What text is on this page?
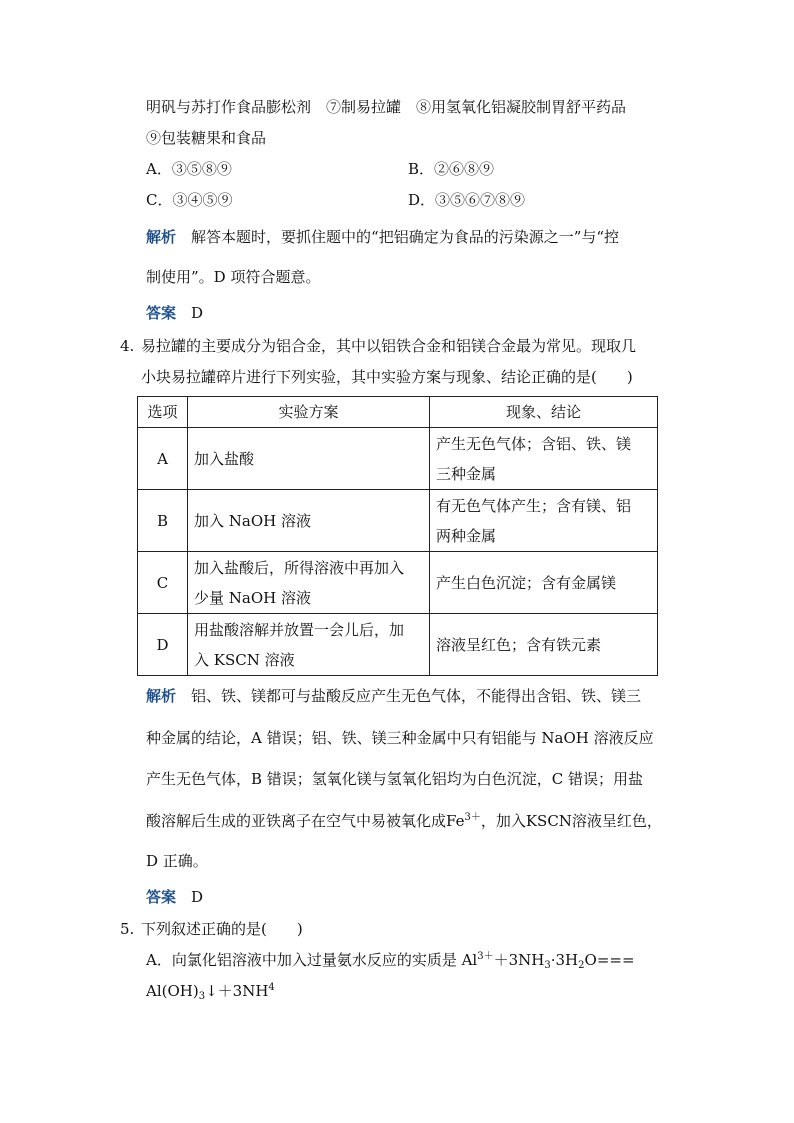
明矾与苏打作食品膨松剂　⑦制易拉罐　⑧用氢氧化铝凝胶制胃舒平药品
⑨包装糖果和食品
A．③⑤⑧⑨	B．②⑥⑧⑨
C．③④⑤⑨	D．③⑤⑥⑦⑧⑨
解析　 解答本题时，要抓住题中的“把铝确定为食品的污染源之一”与“控
制使用”。D 项符合题意。
答案　 D
4. 易拉罐的主要成分为铝合金，其中以铝铁合金和铝镁合金最为常见。现取几
小块易拉罐碎片进行下列实验，其中实验方案与现象、结论正确的是(　　)
选项	实验方案	现象、结论
A	加入盐酸	产生无色气体；含铝、铁、镁
三种金属

B	加入 NaOH 溶液	有无色气体产生；含有镁、铝
两种金属

C	加入盐酸后，所得溶液中再加入
少量 NaOH 溶液	产生白色沉淀；含有金属镁

D	用盐酸溶解并放置一会儿后，加
入 KSCN 溶液	溶液呈红色；含有铁元素
解析　 铝、铁、镁都可与盐酸反应产生无色气体，不能得出含铝、铁、镁三
种金属的结论，A 错误；铝、铁、镁三种金属中只有铝能与 NaOH 溶液反应
产生无色气体，B 错误；氢氧化镁与氢氧化铝均为白色沉淀，C 错误；用盐
酸溶解后生成的亚铁离子在空气中易被氧化成$Fe^{3+}$，加入KSCN溶液呈红色，
D 正确。
答案　 D
5. 下列叙述正确的是(　　)
A．向氯化铝溶液中加入过量氨水反应的实质是 $Al^{3+}+3NH_3\cdot 3H_2O===$
$Al(OH)_3↓+3NH^4$
